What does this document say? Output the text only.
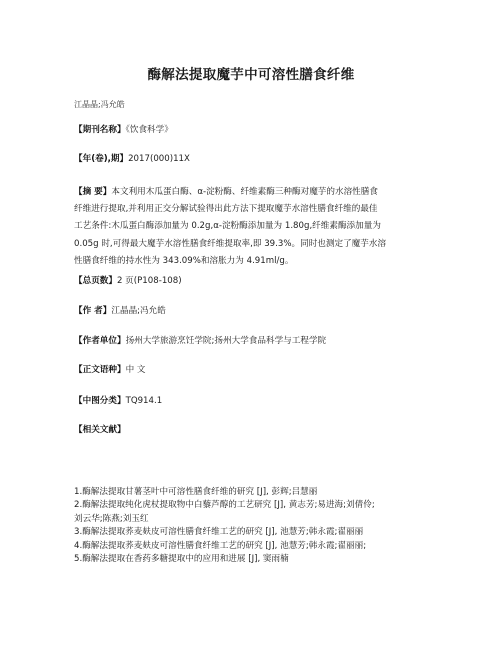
酶解法提取魔芋中可溶性膳食纤维
江晶晶;冯允皓
【期刊名称】《饮食科学》
【年(卷),期】2017(000)11X
【摘 要】本文利用木瓜蛋白酶、α-淀粉酶、纤维素酶三种酶对魔芋的水溶性膳食
纤维进行提取,并利用正交分解试验得出此方法下提取魔芋水溶性膳食纤维的最佳
工艺条件:木瓜蛋白酶添加量为 0.2g,α-淀粉酶添加量为 1.80g,纤维素酶添加量为
0.05g 时,可得最大魔芋水溶性膳食纤维提取率,即 39.3%。同时也测定了魔芋水溶
性膳食纤维的持水性为 343.09%和溶胀力为 4.91ml/g。
【总页数】2 页(P108-108)
【作 者】江晶晶;冯允皓
【作者单位】扬州大学旅游烹饪学院;扬州大学食品科学与工程学院
【正文语种】中 文
【中图分类】TQ914.1
【相关文献】
1.酶解法提取甘薯茎叶中可溶性膳食纤维的研究 [J], 彭辉;吕慧丽
2.酶解法提取纯化虎杖提取物中白藜芦醇的工艺研究 [J], 黄志芳;易进海;刘倩伶;
刘云华;陈燕;刘玉红
3.酶解法提取荞麦麸皮可溶性膳食纤维工艺的研究 [J], 池慧芳;韩永霞;翟丽丽
4.酶解法提取荞麦麸皮可溶性膳食纤维工艺的研究 [J], 池慧芳;韩永霞;翟丽丽;
5.酶解法提取在香药多糖提取中的应用和进展 [J], 窦雨楠
